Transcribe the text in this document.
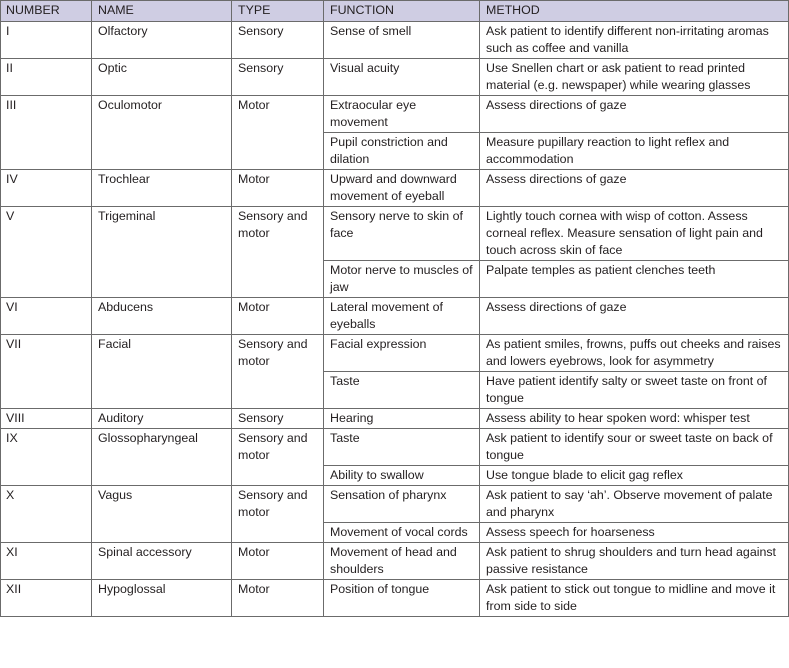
NUMBER	NAME	TYPE	FUNCTION	METHOD
I	Olfactory	Sensory	Sense of smell	Ask patient to identify different non-irritating aromas such as coffee and vanilla
II	Optic	Sensory	Visual acuity	Use Snellen chart or ask patient to read printed material (e.g. newspaper) while wearing glasses
III	Oculomotor	Motor	Extraocular eye movement	Assess directions of gaze
			Pupil constriction and dilation	Measure pupillary reaction to light reflex and accommodation
IV	Trochlear	Motor	Upward and downward movement of eyeball	Assess directions of gaze
V	Trigeminal	Sensory and motor	Sensory nerve to skin of face	Lightly touch cornea with wisp of cotton. Assess corneal reflex. Measure sensation of light pain and touch across skin of face
			Motor nerve to muscles of jaw	Palpate temples as patient clenches teeth
VI	Abducens	Motor	Lateral movement of eyeballs	Assess directions of gaze
VII	Facial	Sensory and motor	Facial expression	As patient smiles, frowns, puffs out cheeks and raises and lowers eyebrows, look for asymmetry
			Taste	Have patient identify salty or sweet taste on front of tongue
VIII	Auditory	Sensory	Hearing	Assess ability to hear spoken word: whisper test
IX	Glossopharyngeal	Sensory and motor	Taste	Ask patient to identify sour or sweet taste on back of tongue
			Ability to swallow	Use tongue blade to elicit gag reflex
X	Vagus	Sensory and motor	Sensation of pharynx	Ask patient to say ‘ah’. Observe movement of palate and pharynx
			Movement of vocal cords	Assess speech for hoarseness
XI	Spinal accessory	Motor	Movement of head and shoulders	Ask patient to shrug shoulders and turn head against passive resistance
XII	Hypoglossal	Motor	Position of tongue	Ask patient to stick out tongue to midline and move it from side to side
